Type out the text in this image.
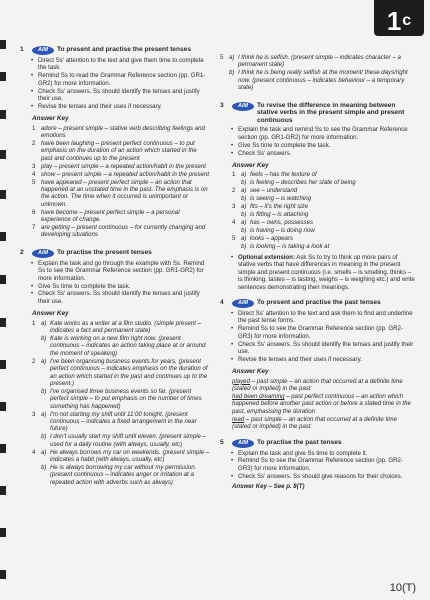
1 c
1	AIM	To present and practise the present tenses
• Direct Ss' attention to the text and give them time to complete the task.
• Remind Ss to read the Grammar Reference section (pp. GR1-GR2) for more information.
• Check Ss' answers. Ss should identify the tenses and justify their use.
• Revise the tenses and their uses if necessary.
Answer Key
1 adore – present simple – stative verb describing feelings and emotions
2 have been laughing – present perfect continuous – to put emphasis on the duration of an action which started in the past and continues up to the present
3 play – present simple – a repeated action/habit in the present
4 show – present simple – a repeated action/habit in the present
5 have appeared – present perfect simple – an action that happened at an unstated time in the past. The emphasis is on the action. The time when it occurred is unimportant or unknown.
6 have become – present perfect simple – a personal experience of change.
7 are getting – present continuous – for currently changing and developing situations
2	AIM	To practise the present tenses
• Explain the task and go through the example with Ss. Remind Ss to see the Grammar Reference section (pp. GR1-GR2) for more information.
• Give Ss time to complete the task.
• Check Ss' answers. Ss should identify the tenses and justify their use.
Answer Key
1 a) Kate works as a writer at a film studio. (simple present – indicates a fact and permanent state)
b) Kate is working on a new film right now. (present continuous – indicates an action taking place at or around the moment of speaking)
2 a) I've been organising business events for years. (present perfect continuous – indicates emphasis on the duration of an action which started in the past and continues up to the present.)
b) I've organised three business events so far. (present perfect simple – to put emphasis on the number of times something has happened)
3 a) I'm not starting my shift until 11:00 tonight. (present continuous – indicates a fixed arrangement in the near future)
b) I don't usually start my shift until eleven. (present simple – used for a daily routine (with always, usually, etc)
4 a) He always borrows my car on weekends. (present simple – indicates a habit (with always, usually, etc)
b) He is always borrowing my car without my permission. (present continuous – indicates anger or irritation at a repeated action with adverbs such as always)
5 a) I think he is selfish. (present simple – indicates character – a permanent state)
b) I think he is being really selfish at the moment/ these days/right now. (present continuous – indicates behaviour – a temporary state)
3	AIM	To revise the difference in meaning between stative verbs in the present simple and present continuous
• Explain the task and remind Ss to see the Grammar Reference section (pp. GR1-GR2) for more information.
• Give Ss time to complete the task.
• Check Ss' answers.
Answer Key
1 a) feels – has the texture of
b) is feeling – describes her state of being
2 a) see – understand
b) is seeing – is watching
3 a) fits – it's the right size
b) is fitting – is attaching
4 a) has – owns, possesses
b) is having – is doing now
5 a) looks – appears
b) is looking – is taking a look at
• Optional extension: Ask Ss to try to think up more pairs of stative verbs that have differences in meaning in the present simple and present continuous (i.e. smells – is smelling, thinks – is thinking, tastes – is tasting, weighs – is weighing etc.) and write sentences demonstrating their meanings.
4	AIM	To present and practise the past tenses
• Direct Ss' attention to the text and ask them to find and underline the past tense forms.
• Remind Ss to see the Grammar Reference section (pp. GR2-GR3) for more information.
• Check Ss' answers. Ss should identify the tenses and justify their use.
• Revise the tenses and their uses if necessary.
Answer Key
played – past simple – an action that occurred at a definite time (stated or implied) in the past
had been dreaming – past perfect continuous – an action which happened before another past action or before a stated time in the past, emphasising the duration
read – past simple – an action that occurred at a definite time (stated or implied) in the past
5	AIM	To practise the past tenses
• Explain the task and give Ss time to complete it.
• Remind Ss to see the Grammar Reference section (pp. GR2-GR3) for more information.
• Check Ss' answers. Ss should give reasons for their choices.
Answer Key – See p. 8(T)
10(T)
